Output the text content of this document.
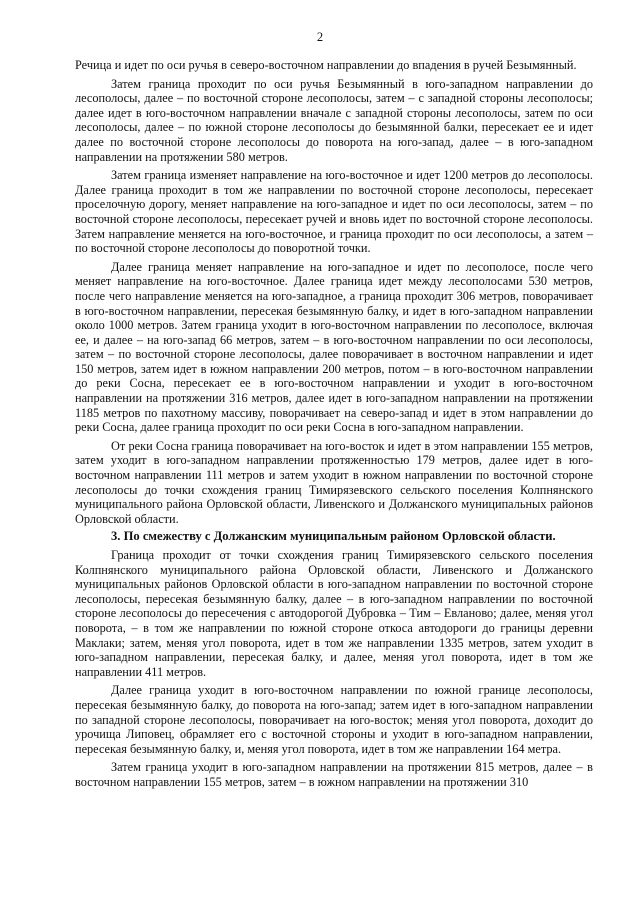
2

Речица и идет по оси ручья в северо-восточном направлении до впадения в ручей Безымянный.

Затем граница проходит по оси ручья Безымянный в юго-западном направлении до лесополосы, далее – по восточной стороне лесополосы, затем – с западной стороны лесополосы; далее идет в юго-восточном направлении вначале с западной стороны лесополосы, затем по оси лесополосы, далее – по южной стороне лесополосы до безымянной балки, пересекает ее и идет далее по восточной стороне лесополосы до поворота на юго-запад, далее – в юго-западном направлении на протяжении 580 метров.

Затем граница изменяет направление на юго-восточное и идет 1200 метров до лесополосы. Далее граница проходит в том же направлении по восточной стороне лесополосы, пересекает проселочную дорогу, меняет направление на юго-западное и идет по оси лесополосы, затем – по восточной стороне лесополосы, пересекает ручей и вновь идет по восточной стороне лесополосы. Затем направление меняется на юго-восточное, и граница проходит по оси лесополосы, а затем – по восточной стороне лесополосы до поворотной точки.

Далее граница меняет направление на юго-западное и идет по лесополосе, после чего меняет направление на юго-восточное. Далее граница идет между лесополосами 530 метров, после чего направление меняется на юго-западное, а граница проходит 306 метров, поворачивает в юго-восточном направлении, пересекая безымянную балку, и идет в юго-западном направлении около 1000 метров. Затем граница уходит в юго-восточном направлении по лесополосе, включая ее, и далее – на юго-запад 66 метров, затем – в юго-восточном направлении по оси лесополосы, затем – по восточной стороне лесополосы, далее поворачивает в восточном направлении и идет 150 метров, затем идет в южном направлении 200 метров, потом – в юго-восточном направлении до реки Сосна, пересекает ее в юго-восточном направлении и уходит в юго-восточном направлении на протяжении 316 метров, далее идет в юго-западном направлении на протяжении 1185 метров по пахотному массиву, поворачивает на северо-запад и идет в этом направлении до реки Сосна, далее граница проходит по оси реки Сосна в юго-западном направлении.

От реки Сосна граница поворачивает на юго-восток и идет в этом направлении 155 метров, затем уходит в юго-западном направлении протяженностью 179 метров, далее идет в юго-восточном направлении 111 метров и затем уходит в южном направлении по восточной стороне лесополосы до точки схождения границ Тимирязевского сельского поселения Колпнянского муниципального района Орловской области, Ливенского и Должанского муниципальных районов Орловской области.

3. По смежеству с Должанским муниципальным районом Орловской области.

Граница проходит от точки схождения границ Тимирязевского сельского поселения Колпнянского муниципального района Орловской области, Ливенского и Должанского муниципальных районов Орловской области в юго-западном направлении по восточной стороне лесополосы, пересекая безымянную балку, далее – в юго-западном направлении по восточной стороне лесополосы до пересечения с автодорогой Дубровка – Тим – Евланово; далее, меняя угол поворота, – в том же направлении по южной стороне откоса автодороги до границы деревни Маклаки; затем, меняя угол поворота, идет в том же направлении 1335 метров, затем уходит в юго-западном направлении, пересекая балку, и далее, меняя угол поворота, идет в том же направлении 411 метров.

Далее граница уходит в юго-восточном направлении по южной границе лесополосы, пересекая безымянную балку, до поворота на юго-запад; затем идет в юго-западном направлении по западной стороне лесополосы, поворачивает на юго-восток; меняя угол поворота, доходит до урочища Липовец, обрамляет его с восточной стороны и уходит в юго-западном направлении, пересекая безымянную балку, и, меняя угол поворота, идет в том же направлении 164 метра.

Затем граница уходит в юго-западном направлении на протяжении 815 метров, далее – в восточном направлении 155 метров, затем – в южном направлении на протяжении 310
